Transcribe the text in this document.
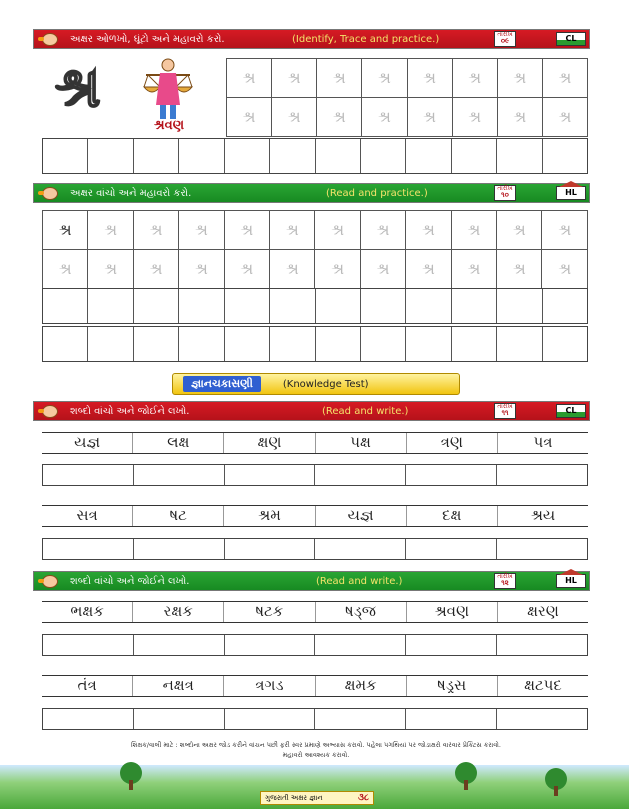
અક્ષર ઓળખો, ઘૂંટો અને મહાવરો કરો.	(Identify, Trace and practice.)	તારીખ
૦૯	CL
શ્ર
શ્રવણ
શ્ર	શ્ર	શ્ર	શ્ર	શ્ર	શ્ર	શ્ર	શ્ર
શ્ર	શ્ર	શ્ર	શ્ર	શ્ર	શ્ર	શ્ર	શ્ર
અક્ષર વાંચો અને મહાવરો કરો.	(Read and practice.)	તારીખ
૧૦	HL
શ્ર	શ્ર	શ્ર	શ્ર	શ્ર	શ્ર	શ્ર	શ્ર	શ્ર	શ્ર	શ્ર	શ્ર
શ્ર	શ્ર	શ્ર	શ્ર	શ્ર	શ્ર	શ્ર	શ્ર	શ્ર	શ્ર	શ્ર	શ્ર
જ્ઞાનચકાસણી	(Knowledge Test)
શબ્દો વાંચો અને જોઈને લખો.	(Read and write.)	તારીખ
૧૧	CL
યજ્ઞ	લક્ષ	ક્ષણ	પક્ષ	ત્રણ	પત્ર
સત્ર	ષટ	શ્રમ	યજ્ઞ	દક્ષ	શ્રય
શબ્દો વાંચો અને જોઈને લખો.	(Read and write.)	તારીખ
૧૨	HL
ભક્ષક	રક્ષક	ષટક	ષડ્જ	શ્રવણ	ક્ષરણ
તંત્ર	નક્ષત્ર	ત્રગડ	ક્ષમક	ષડ્રસ	ક્ષટપદ
શિક્ષક/વાલી માટે : શબ્દોના અક્ષર જોડ કરીને વાંચન પછી ફરી સ્વર પ્રમાણે અભ્યાસ કરાવો. પહેલા પગથિયાં પર જોડાક્ષરો વારંવાર પ્રેક્ટિસ કરાવો.
મહાવરો આવશ્યક કરાવો.
ગુજરાતી અક્ષર જ્ઞાન	૩૮
